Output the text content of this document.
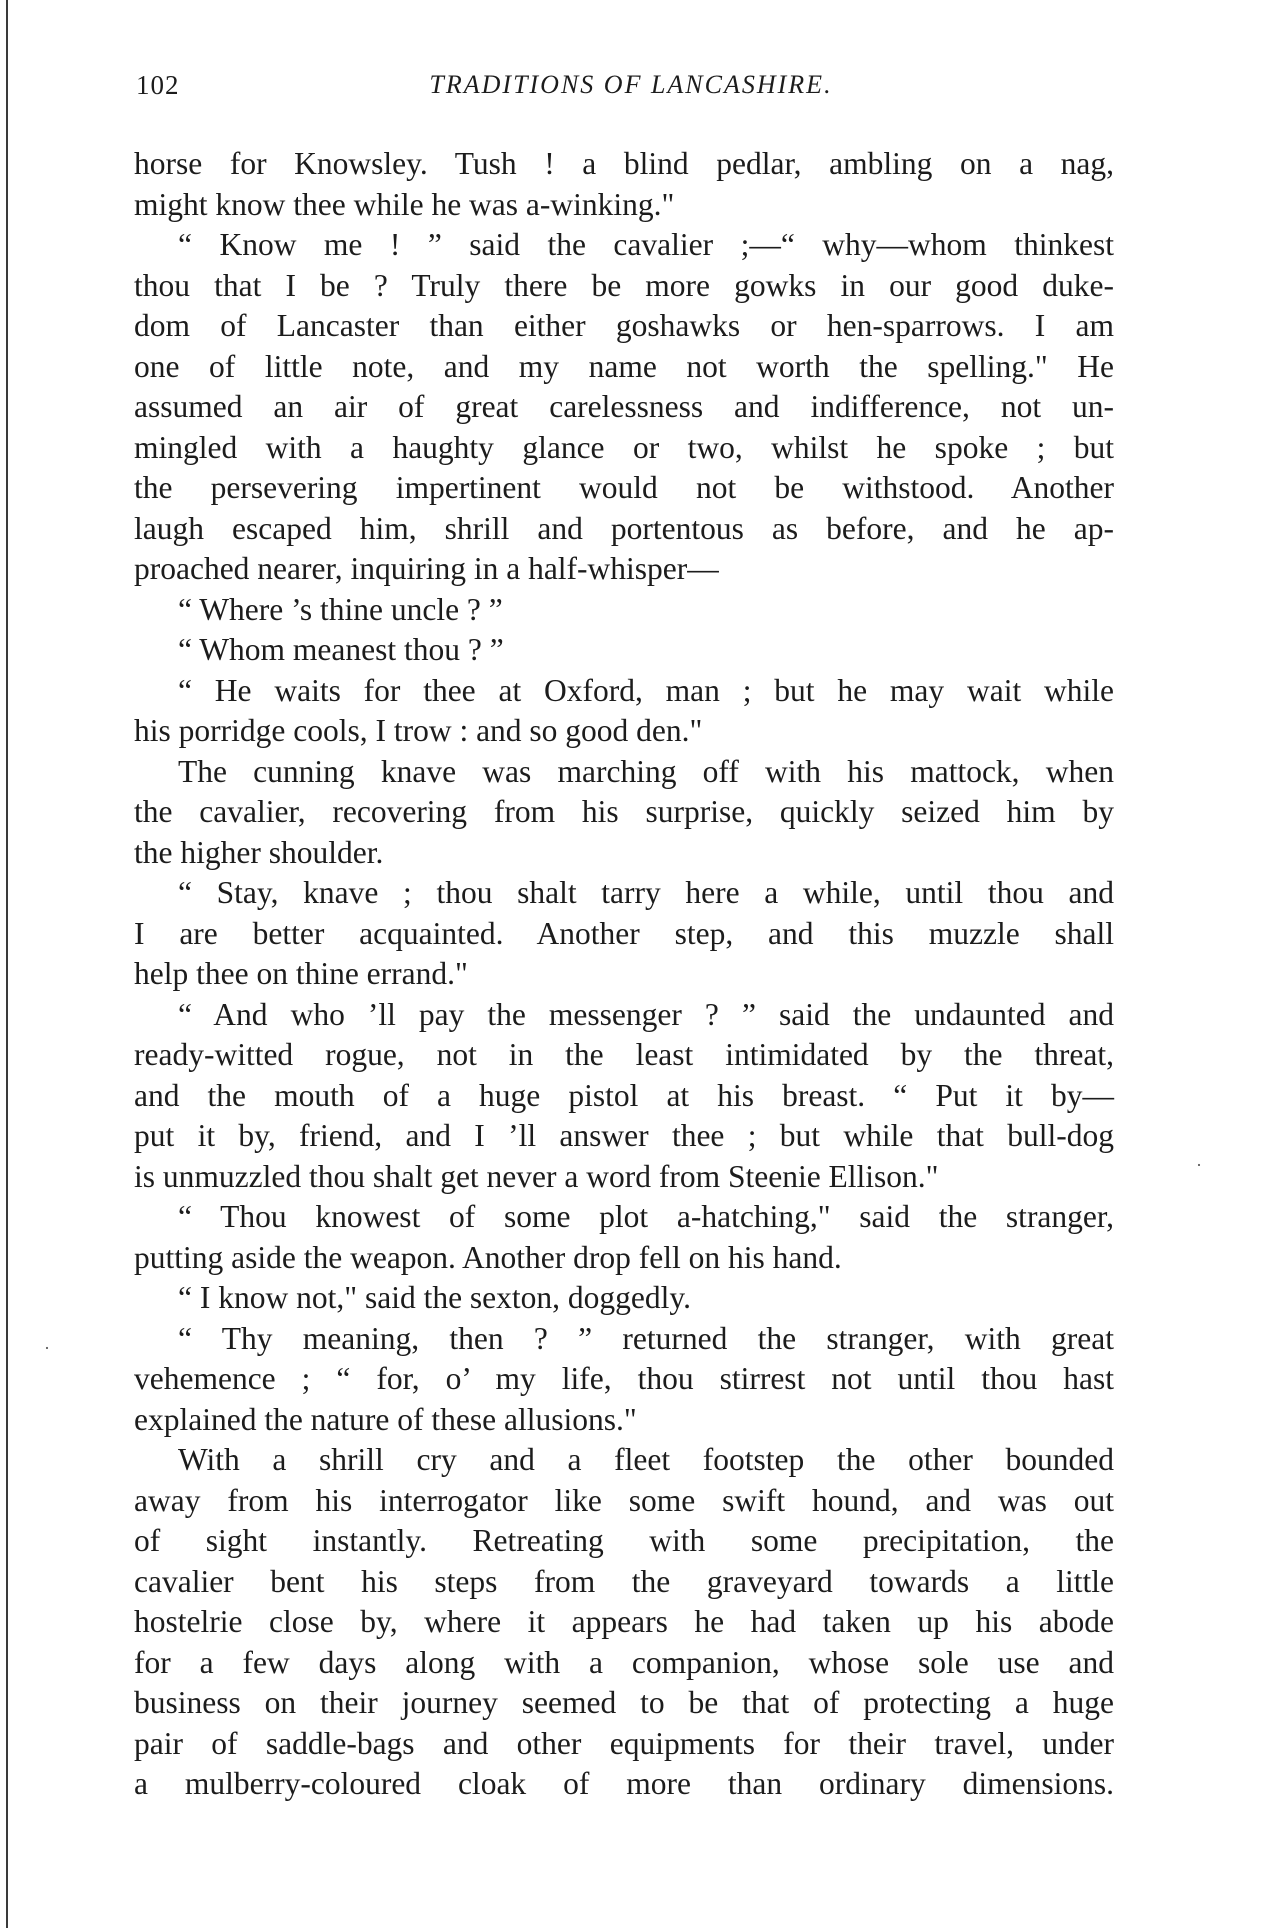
TRADITIONS OF LANCASHIRE.
102
horse for Knowsley. Tush ! a blind pedlar, ambling on a nag,
might know thee while he was a-winking."
“ Know me ! ” said the cavalier ;—“ why—whom thinkest
thou that I be ? Truly there be more gowks in our good duke-
dom of Lancaster than either goshawks or hen-sparrows. I am
one of little note, and my name not worth the spelling." He
assumed an air of great carelessness and indifference, not un-
mingled with a haughty glance or two, whilst he spoke ; but
the persevering impertinent would not be withstood. Another
laugh escaped him, shrill and portentous as before, and he ap-
proached nearer, inquiring in a half-whisper—
“ Where ’s thine uncle ? ”
“ Whom meanest thou ? ”
“ He waits for thee at Oxford, man ; but he may wait while
his porridge cools, I trow : and so good den."
The cunning knave was marching off with his mattock, when
the cavalier, recovering from his surprise, quickly seized him by
the higher shoulder.
“ Stay, knave ; thou shalt tarry here a while, until thou and
I are better acquainted. Another step, and this muzzle shall
help thee on thine errand."
“ And who ’ll pay the messenger ? ” said the undaunted and
ready-witted rogue, not in the least intimidated by the threat,
and the mouth of a huge pistol at his breast. “ Put it by—
put it by, friend, and I ’ll answer thee ; but while that bull-dog
is unmuzzled thou shalt get never a word from Steenie Ellison."
“ Thou knowest of some plot a-hatching," said the stranger,
putting aside the weapon. Another drop fell on his hand.
“ I know not," said the sexton, doggedly.
“ Thy meaning, then ? ” returned the stranger, with great
vehemence ; “ for, o’ my life, thou stirrest not until thou hast
explained the nature of these allusions."
With a shrill cry and a fleet footstep the other bounded
away from his interrogator like some swift hound, and was out
of sight instantly. Retreating with some precipitation, the
cavalier bent his steps from the graveyard towards a little
hostelrie close by, where it appears he had taken up his abode
for a few days along with a companion, whose sole use and
business on their journey seemed to be that of protecting a huge
pair of saddle-bags and other equipments for their travel, under
a mulberry-coloured cloak of more than ordinary dimensions.
·
·
